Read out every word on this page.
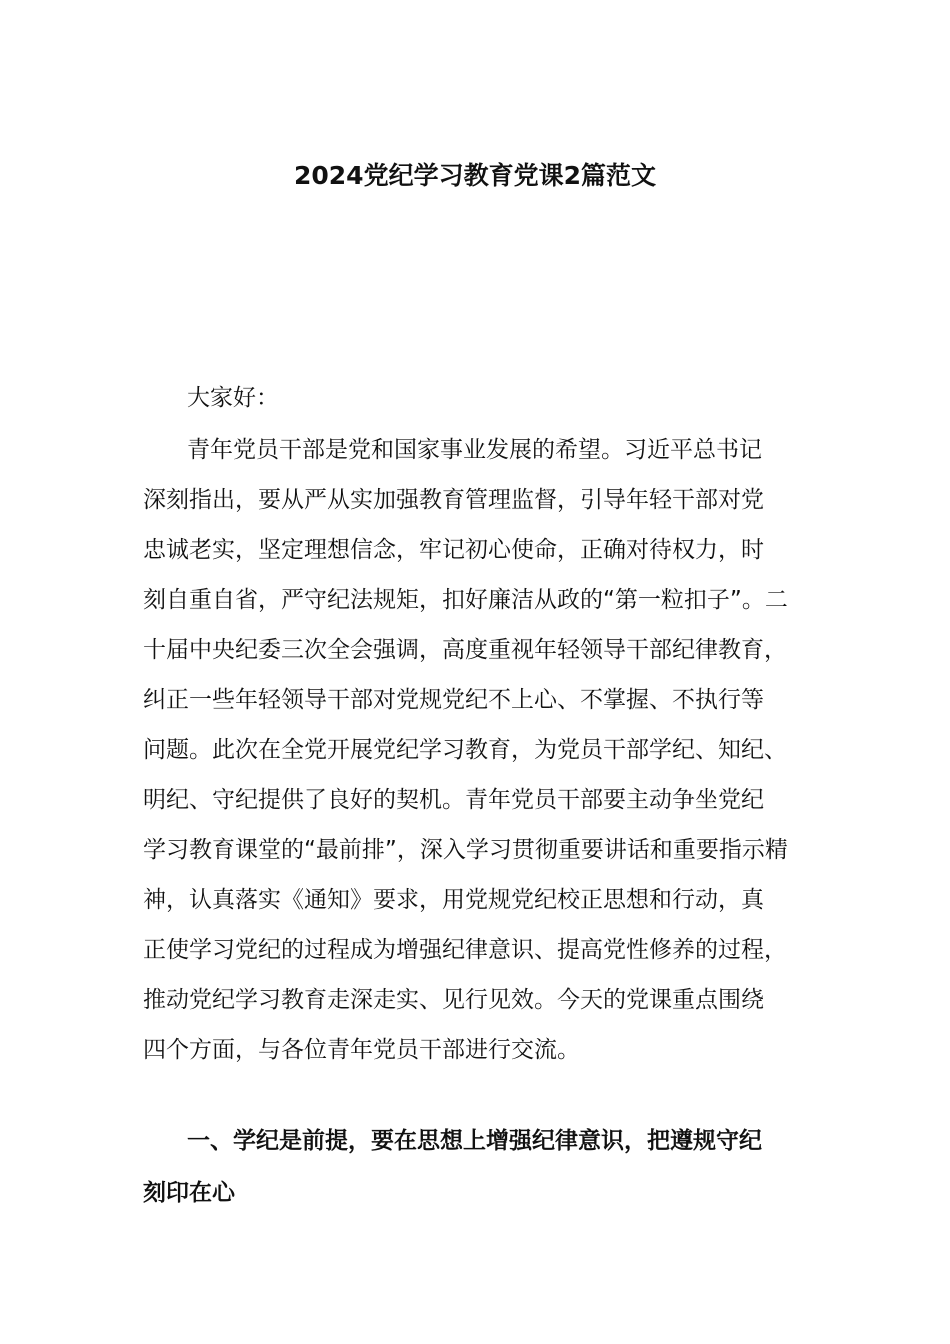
2024党纪学习教育党课2篇范文
大家好：
青年党员干部是党和国家事业发展的希望。习近平总书记
深刻指出，要从严从实加强教育管理监督，引导年轻干部对党
忠诚老实，坚定理想信念，牢记初心使命，正确对待权力，时
刻自重自省，严守纪法规矩，扣好廉洁从政的“第一粒扣子”。二
十届中央纪委三次全会强调，高度重视年轻领导干部纪律教育，
纠正一些年轻领导干部对党规党纪不上心、不掌握、不执行等
问题。此次在全党开展党纪学习教育，为党员干部学纪、知纪、
明纪、守纪提供了良好的契机。青年党员干部要主动争坐党纪
学习教育课堂的“最前排”，深入学习贯彻重要讲话和重要指示精
神，认真落实《通知》要求，用党规党纪校正思想和行动，真
正使学习党纪的过程成为增强纪律意识、提高党性修养的过程，
推动党纪学习教育走深走实、见行见效。今天的党课重点围绕
四个方面，与各位青年党员干部进行交流。
一、学纪是前提，要在思想上增强纪律意识，把遵规守纪
刻印在心
